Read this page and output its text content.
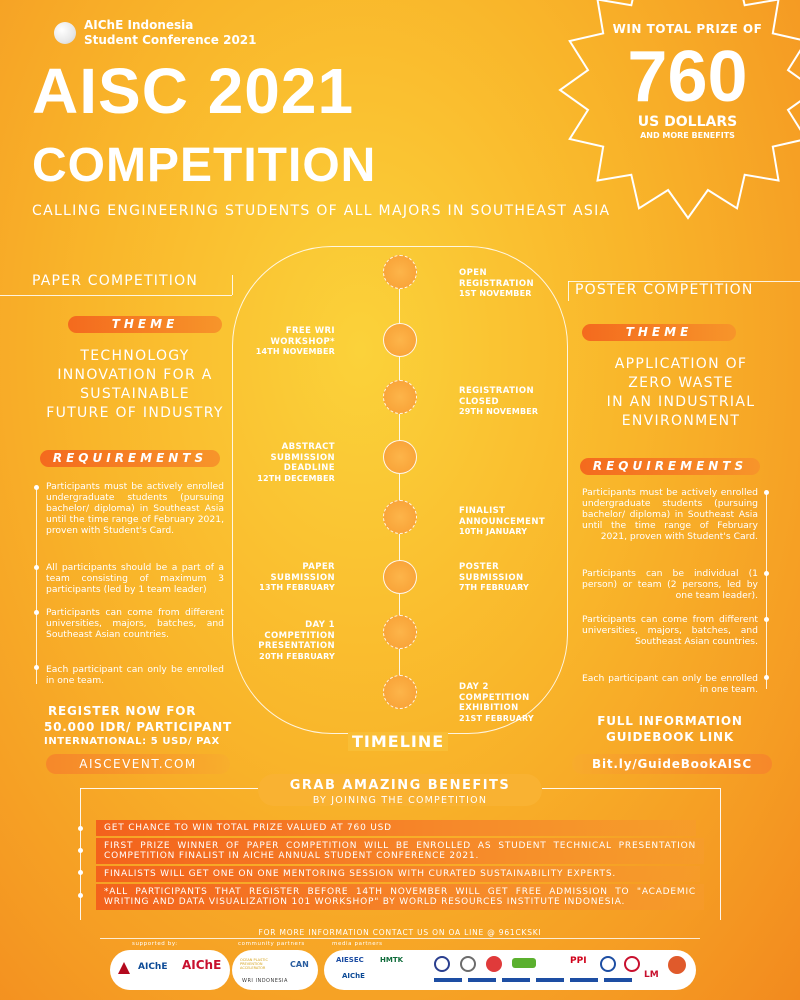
AIChE Indonesia
Student Conference 2021
AISC 2021
COMPETITION
CALLING ENGINEERING STUDENTS OF ALL MAJORS IN SOUTHEAST ASIA
WIN TOTAL PRIZE OF
760
US DOLLARS
AND MORE BENEFITS
PAPER COMPETITION
THEME
TECHNOLOGY
INNOVATION FOR A
SUSTAINABLE
FUTURE OF INDUSTRY
REQUIREMENTS
Participants must be actively enrolled undergraduate students (pursuing bachelor/ diploma) in Southeast Asia until the time range of February 2021, proven with Student's Card.
All participants should be a part of a team consisting of maximum 3 participants (led by 1 team leader)
Participants can come from different universities, majors, batches, and Southeast Asian countries.
Each participant can only be enrolled in one team.
REGISTER NOW FOR
50.000 IDR/ PARTICIPANT
INTERNATIONAL: 5 USD/ PAX
AISCEVENT.COM
POSTER COMPETITION
THEME
APPLICATION OF
ZERO WASTE
IN AN INDUSTRIAL
ENVIRONMENT
REQUIREMENTS
Participants must be actively enrolled undergraduate students (pursuing bachelor/ diploma) in Southeast Asia until the time range of February 2021, proven with Student's Card.
Participants can be individual (1 person) or team (2 persons, led by one team leader).
Participants can come from different universities, majors, batches, and Southeast Asian countries.
Each participant can only be enrolled in one team.
FULL INFORMATION
GUIDEBOOK LINK
Bit.ly/GuideBookAISC
OPEN
REGISTRATION
1ST NOVEMBER
FREE WRI
WORKSHOP*
14TH NOVEMBER
REGISTRATION
CLOSED
29TH NOVEMBER
ABSTRACT
SUBMISSION
DEADLINE
12TH DECEMBER
FINALIST
ANNOUNCEMENT
10TH JANUARY
PAPER
SUBMISSION
13TH FEBRUARY
POSTER
SUBMISSION
7TH FEBRUARY
DAY 1
COMPETITION
PRESENTATION
20TH FEBRUARY
DAY 2
COMPETITION
EXHIBITION
21ST FEBRUARY
TIMELINE
GRAB AMAZING BENEFITS
BY JOINING THE COMPETITION
GET CHANCE TO WIN TOTAL PRIZE VALUED AT 760 USD
FIRST PRIZE WINNER OF PAPER COMPETITION WILL BE ENROLLED AS STUDENT TECHNICAL PRESENTATION COMPETITION FINALIST IN AICHE ANNUAL STUDENT CONFERENCE 2021.
FINALISTS WILL GET ONE ON ONE MENTORING SESSION WITH CURATED SUSTAINABILITY EXPERTS.
*ALL PARTICIPANTS THAT REGISTER BEFORE 14TH NOVEMBER WILL GET FREE ADMISSION TO "ACADEMIC WRITING AND DATA VISUALIZATION 101 WORKSHOP" BY WORLD RESOURCES INSTITUTE INDONESIA.
FOR MORE INFORMATION CONTACT US ON OA LINE @ 961CKSKI
supported by:	community partners	media partners
AIChE AIChE	OCEAN PLASTIC PREVENTION ACCELERATOR	CAN
WRI INDONESIA
AIESEC HMTK
AIChE
PPI
LM
